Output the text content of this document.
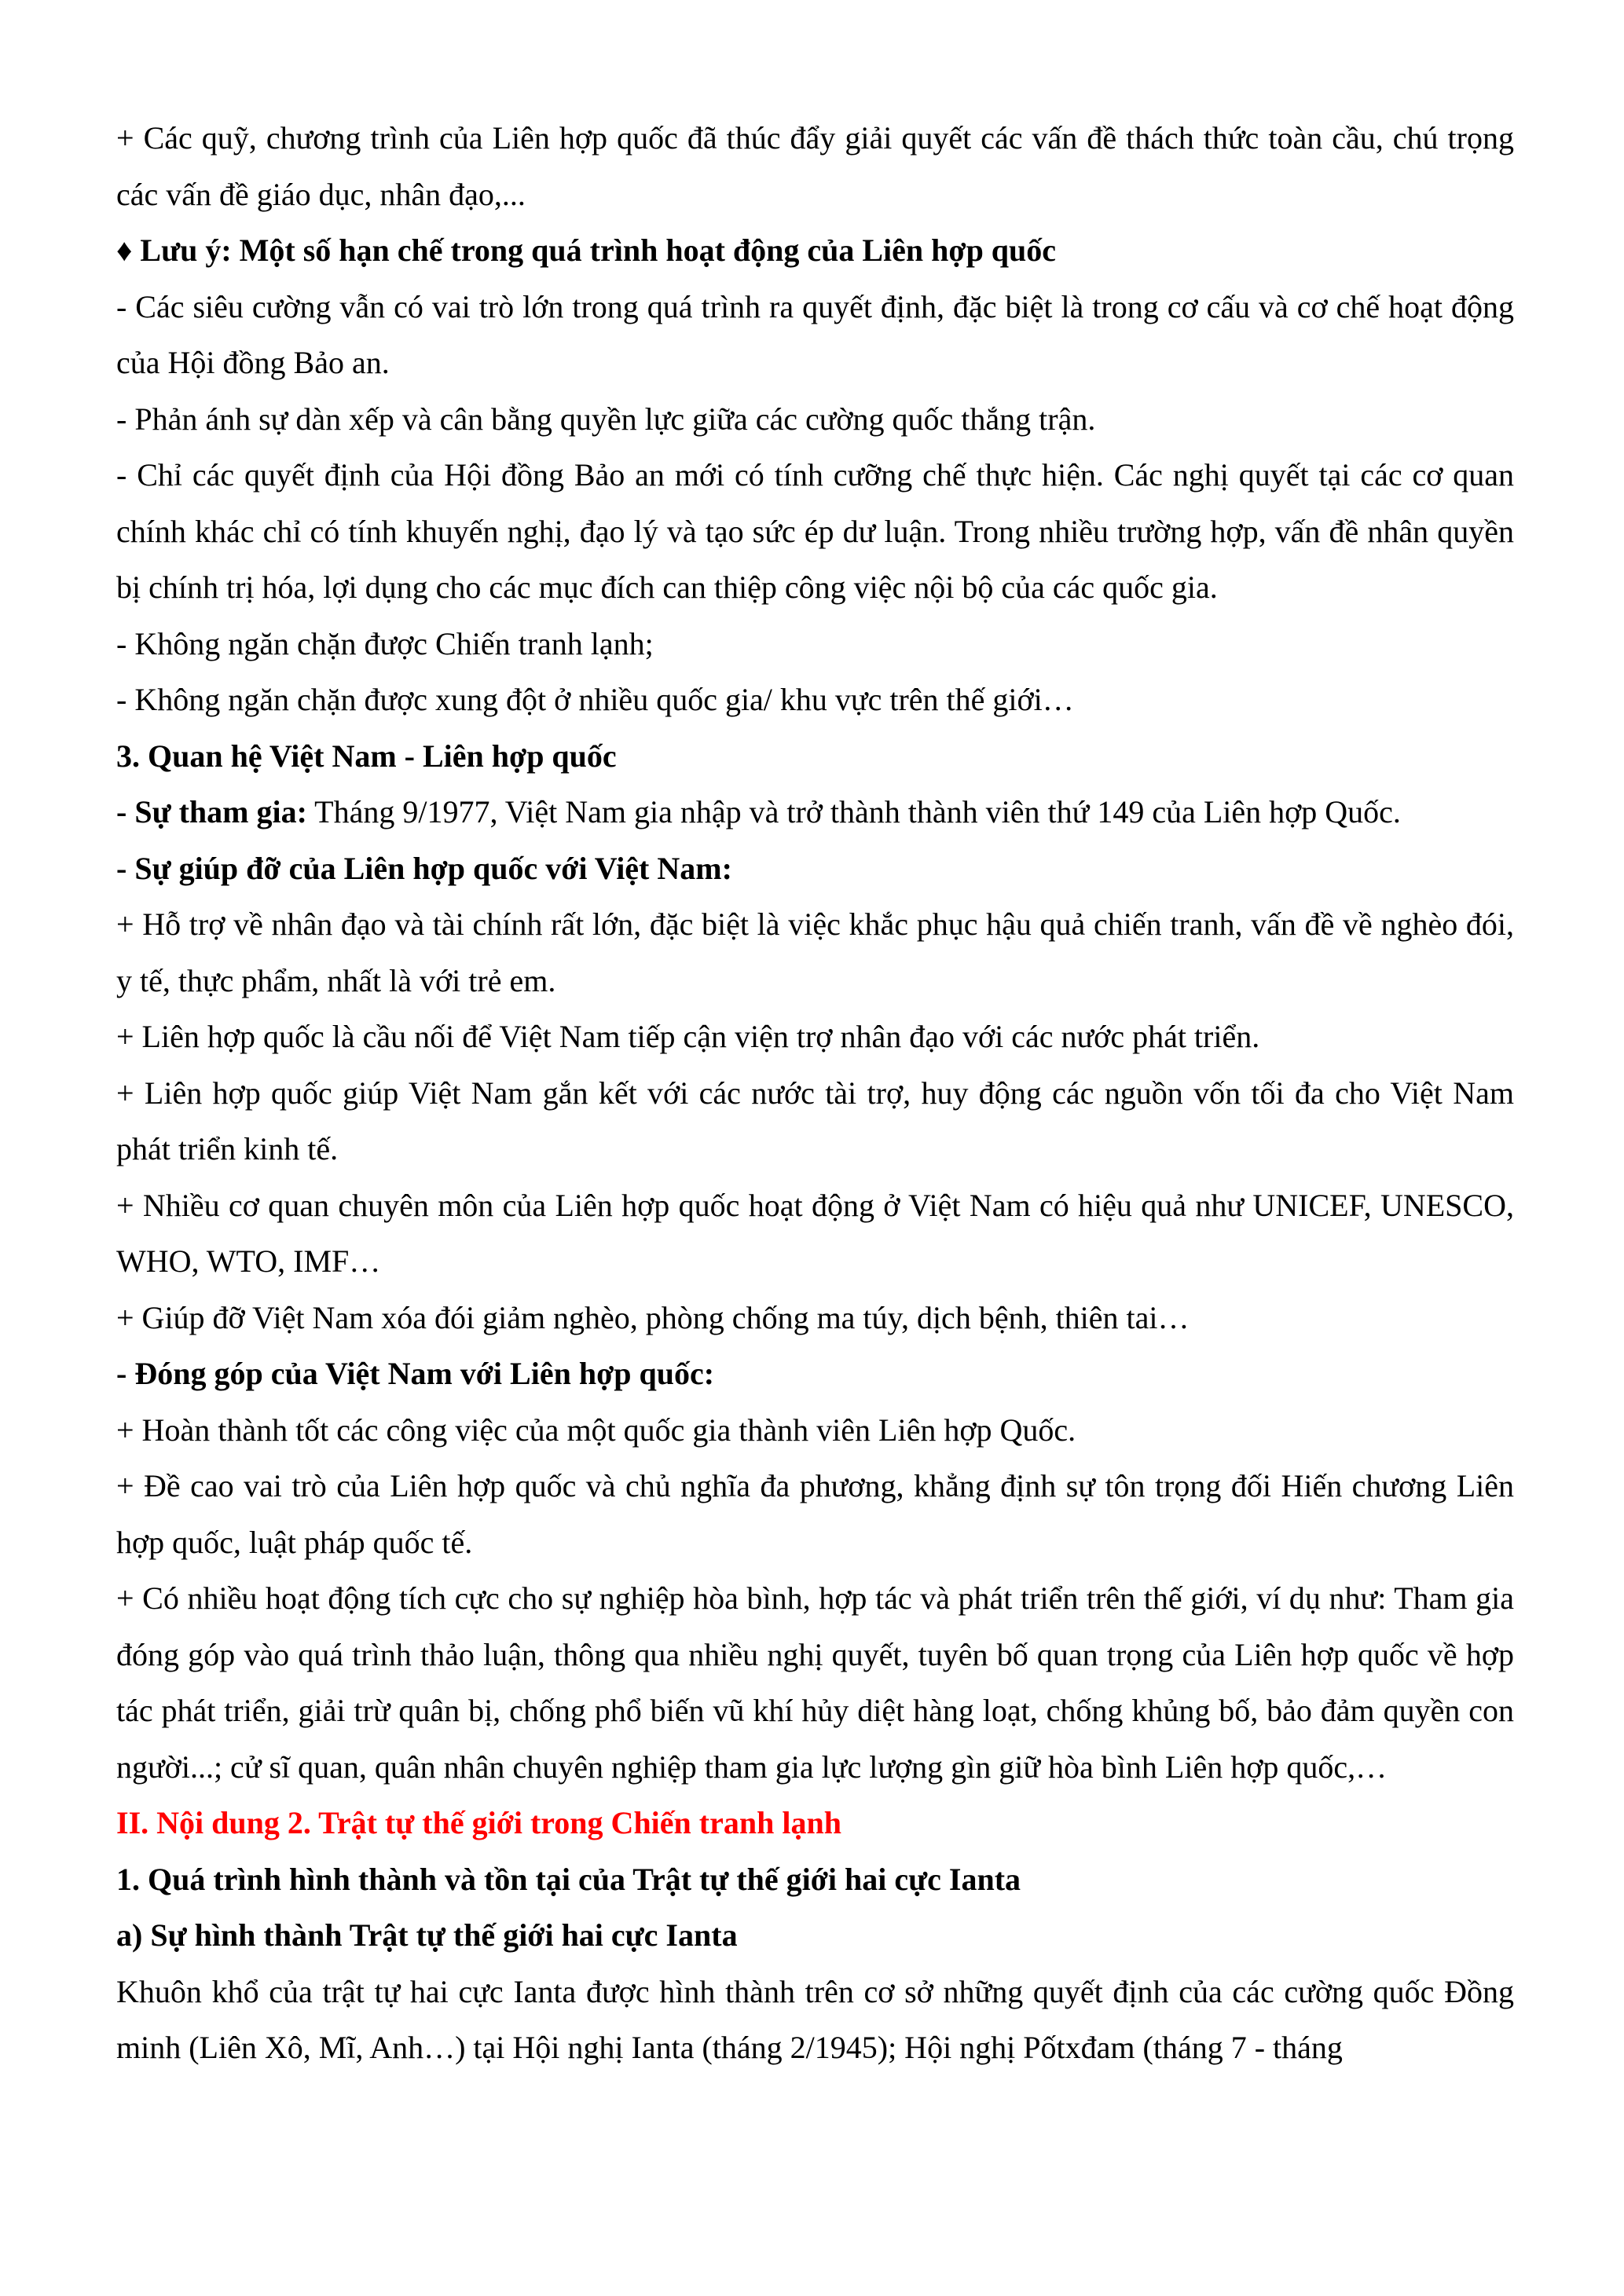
+ Các quỹ, chương trình của Liên hợp quốc đã thúc đẩy giải quyết các vấn đề thách thức toàn cầu, chú trọng các vấn đề giáo dục, nhân đạo,...

♦ Lưu ý: Một số hạn chế trong quá trình hoạt động của Liên hợp quốc

- Các siêu cường vẫn có vai trò lớn trong quá trình ra quyết định, đặc biệt là trong cơ cấu và cơ chế hoạt động của Hội đồng Bảo an.

- Phản ánh sự dàn xếp và cân bằng quyền lực giữa các cường quốc thắng trận.

- Chỉ các quyết định của Hội đồng Bảo an mới có tính cưỡng chế thực hiện. Các nghị quyết tại các cơ quan chính khác chỉ có tính khuyến nghị, đạo lý và tạo sức ép dư luận. Trong nhiều trường hợp, vấn đề nhân quyền bị chính trị hóa, lợi dụng cho các mục đích can thiệp công việc nội bộ của các quốc gia.

- Không ngăn chặn được Chiến tranh lạnh;

- Không ngăn chặn được xung đột ở nhiều quốc gia/ khu vực trên thế giới…

3. Quan hệ Việt Nam - Liên hợp quốc

- Sự tham gia: Tháng 9/1977, Việt Nam gia nhập và trở thành thành viên thứ 149 của Liên hợp Quốc.

- Sự giúp đỡ của Liên hợp quốc với Việt Nam:

+ Hỗ trợ về nhân đạo và tài chính rất lớn, đặc biệt là việc khắc phục hậu quả chiến tranh, vấn đề về nghèo đói, y tế, thực phẩm, nhất là với trẻ em.

+ Liên hợp quốc là cầu nối để Việt Nam tiếp cận viện trợ nhân đạo với các nước phát triển.

+ Liên hợp quốc giúp Việt Nam gắn kết với các nước tài trợ, huy động các nguồn vốn tối đa cho Việt Nam phát triển kinh tế.

+ Nhiều cơ quan chuyên môn của Liên hợp quốc hoạt động ở Việt Nam có hiệu quả như UNICEF, UNESCO, WHO, WTO, IMF…

+ Giúp đỡ Việt Nam xóa đói giảm nghèo, phòng chống ma túy, dịch bệnh, thiên tai…

- Đóng góp của Việt Nam với Liên hợp quốc:

+ Hoàn thành tốt các công việc của một quốc gia thành viên Liên hợp Quốc.

+ Đề cao vai trò của Liên hợp quốc và chủ nghĩa đa phương, khẳng định sự tôn trọng đối Hiến chương Liên hợp quốc, luật pháp quốc tế.

+ Có nhiều hoạt động tích cực cho sự nghiệp hòa bình, hợp tác và phát triển trên thế giới, ví dụ như: Tham gia đóng góp vào quá trình thảo luận, thông qua nhiều nghị quyết, tuyên bố quan trọng của Liên hợp quốc về hợp tác phát triển, giải trừ quân bị, chống phổ biến vũ khí hủy diệt hàng loạt, chống khủng bố, bảo đảm quyền con người...; cử sĩ quan, quân nhân chuyên nghiệp tham gia lực lượng gìn giữ hòa bình Liên hợp quốc,…

II. Nội dung 2. Trật tự thế giới trong Chiến tranh lạnh

1. Quá trình hình thành và tồn tại của Trật tự thế giới hai cực Ianta

a) Sự hình thành Trật tự thế giới hai cực Ianta

Khuôn khổ của trật tự hai cực Ianta được hình thành trên cơ sở những quyết định của các cường quốc Đồng minh (Liên Xô, Mĩ, Anh…) tại Hội nghị Ianta (tháng 2/1945); Hội nghị Pốtxđam (tháng 7 - tháng
